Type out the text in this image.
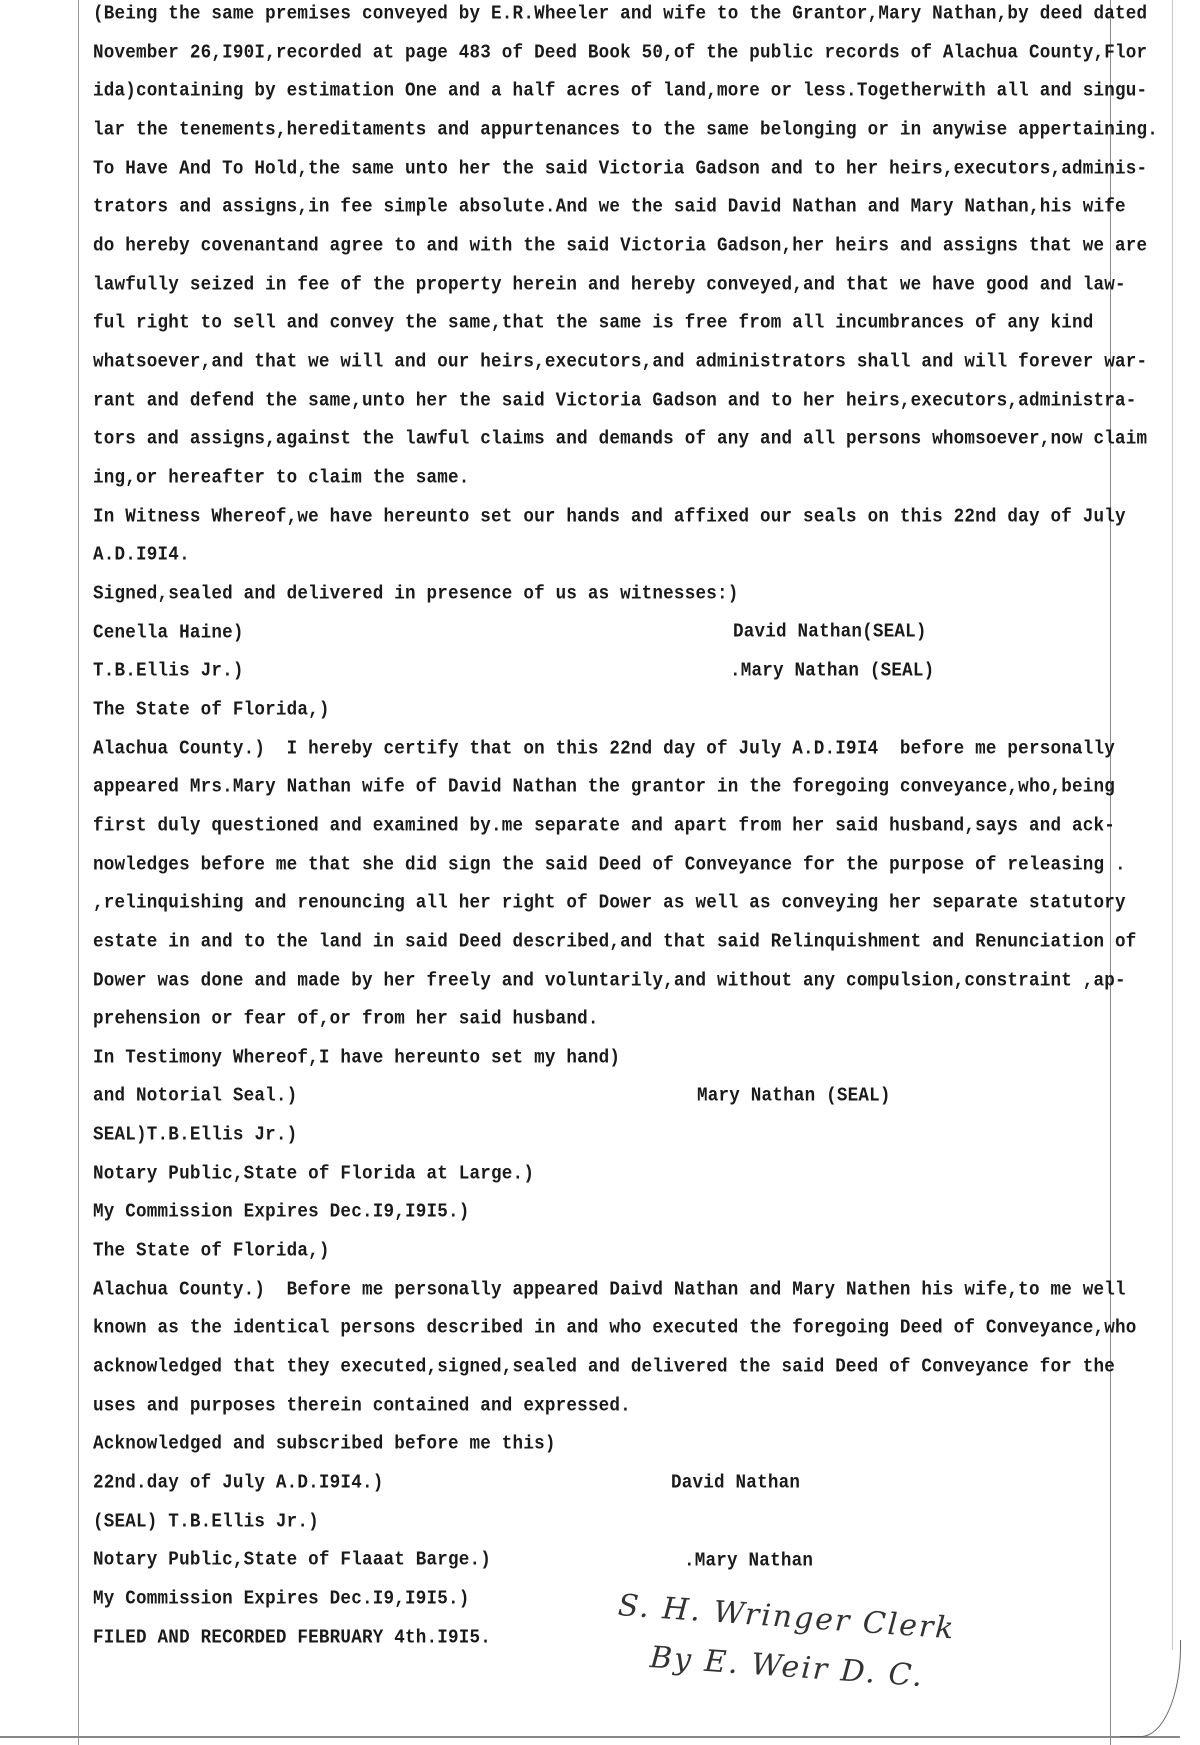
(Being the same premises conveyed by E.R.Wheeler and wife to the Grantor,Mary Nathan,by deed dated
November 26,I90I,recorded at page 483 of Deed Book 50,of the public records of Alachua County,Flor
ida)containing by estimation One and a half acres of land,more or less.Togetherwith all and singu-
lar the tenements,hereditaments and appurtenances to the same belonging or in anywise appertaining.
To Have And To Hold,the same unto her the said Victoria Gadson and to her heirs,executors,adminis-
trators and assigns,in fee simple absolute.And we the said David Nathan and Mary Nathan,his wife
do hereby covenantand agree to and with the said Victoria Gadson,her heirs and assigns that we are
lawfully seized in fee of the property herein and hereby conveyed,and that we have good and law-
ful right to sell and convey the same,that the same is free from all incumbrances of any kind
whatsoever,and that we will and our heirs,executors,and administrators shall and will forever war-
rant and defend the same,unto her the said Victoria Gadson and to her heirs,executors,administra-
tors and assigns,against the lawful claims and demands of any and all persons whomsoever,now claim
ing,or hereafter to claim the same.
In Witness Whereof,we have hereunto set our hands and affixed our seals on this 22nd day of July
A.D.I9I4.
Signed,sealed and delivered in presence of us as witnesses:)
Cenella Haine)
T.B.Ellis Jr.)
The State of Florida,)
Alachua County.)  I hereby certify that on this 22nd day of July A.D.I9I4  before me personally
appeared Mrs.Mary Nathan wife of David Nathan the grantor in the foregoing conveyance,who,being
first duly questioned and examined by.me separate and apart from her said husband,says and ack-
nowledges before me that she did sign the said Deed of Conveyance for the purpose of releasing .
,relinquishing and renouncing all her right of Dower as well as conveying her separate statutory
estate in and to the land in said Deed described,and that said Relinquishment and Renunciation of
Dower was done and made by her freely and voluntarily,and without any compulsion,constraint ,ap-
prehension or fear of,or from her said husband.
In Testimony Whereof,I have hereunto set my hand)
and Notorial Seal.)
SEAL)T.B.Ellis Jr.)
Notary Public,State of Florida at Large.)
My Commission Expires Dec.I9,I9I5.)
The State of Florida,)
Alachua County.)  Before me personally appeared Daivd Nathan and Mary Nathen his wife,to me well
known as the identical persons described in and who executed the foregoing Deed of Conveyance,who
acknowledged that they executed,signed,sealed and delivered the said Deed of Conveyance for the
uses and purposes therein contained and expressed.
Acknowledged and subscribed before me this)
22nd.day of July A.D.I9I4.)
(SEAL) T.B.Ellis Jr.)
Notary Public,State of Flaaat Barge.)
My Commission Expires Dec.I9,I9I5.)
FILED AND RECORDED FEBRUARY 4th.I9I5.
David Nathan(SEAL)
.Mary Nathan (SEAL)
Mary Nathan (SEAL)
David Nathan
.Mary Nathan
S. H. Wringer Clerk
By E. Weir D. C.
